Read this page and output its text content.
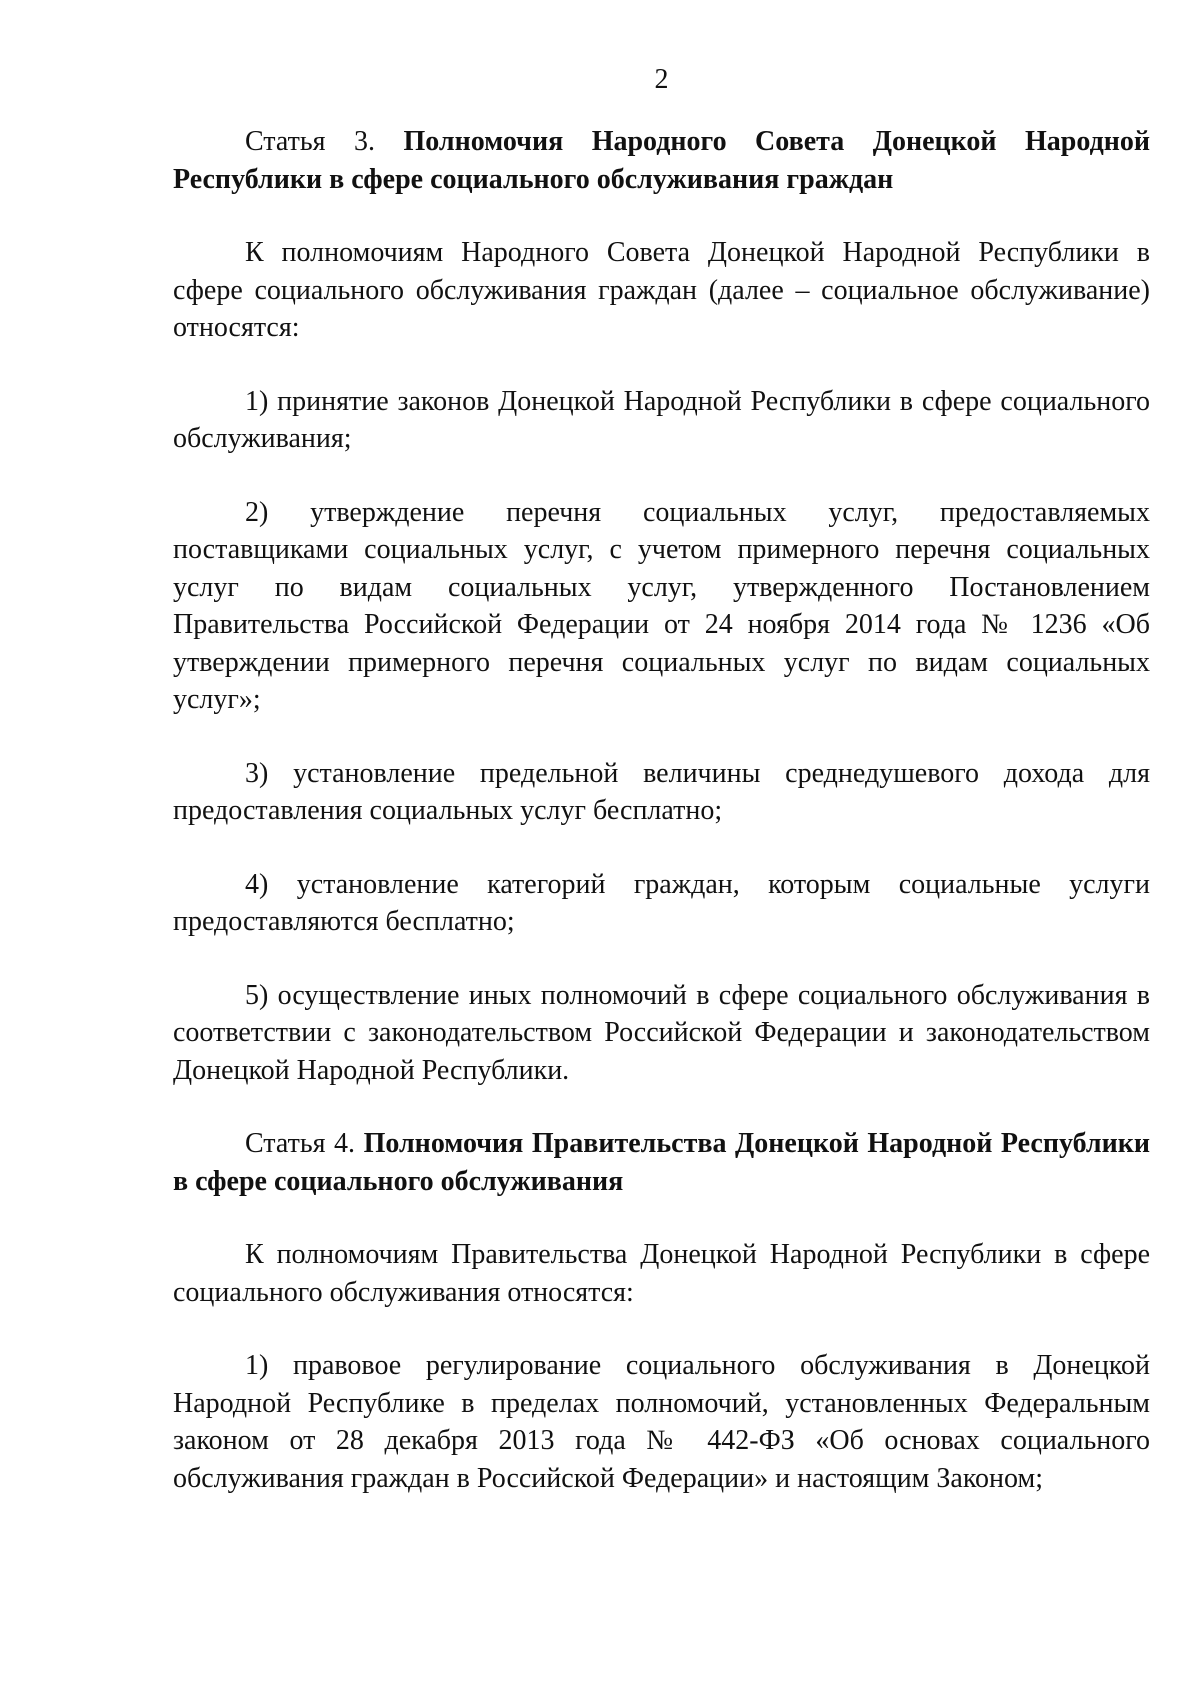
2

Статья 3. Полномочия Народного Совета Донецкой Народной Республики в сфере социального обслуживания граждан

К полномочиям Народного Совета Донецкой Народной Республики в сфере социального обслуживания граждан (далее – социальное обслуживание) относятся:

1) принятие законов Донецкой Народной Республики в сфере социального обслуживания;

2) утверждение перечня социальных услуг, предоставляемых поставщиками социальных услуг, с учетом примерного перечня социальных услуг по видам социальных услуг, утвержденного Постановлением Правительства Российской Федерации от 24 ноября 2014 года № 1236 «Об утверждении примерного перечня социальных услуг по видам социальных услуг»;

3) установление предельной величины среднедушевого дохода для предоставления социальных услуг бесплатно;

4) установление категорий граждан, которым социальные услуги предоставляются бесплатно;

5) осуществление иных полномочий в сфере социального обслуживания в соответствии с законодательством Российской Федерации и законодательством Донецкой Народной Республики.

Статья 4. Полномочия Правительства Донецкой Народной Республики в сфере социального обслуживания

К полномочиям Правительства Донецкой Народной Республики в сфере социального обслуживания относятся:

1) правовое регулирование социального обслуживания в Донецкой Народной Республике в пределах полномочий, установленных Федеральным законом от 28 декабря 2013 года № 442-ФЗ «Об основах социального обслуживания граждан в Российской Федерации» и настоящим Законом;
